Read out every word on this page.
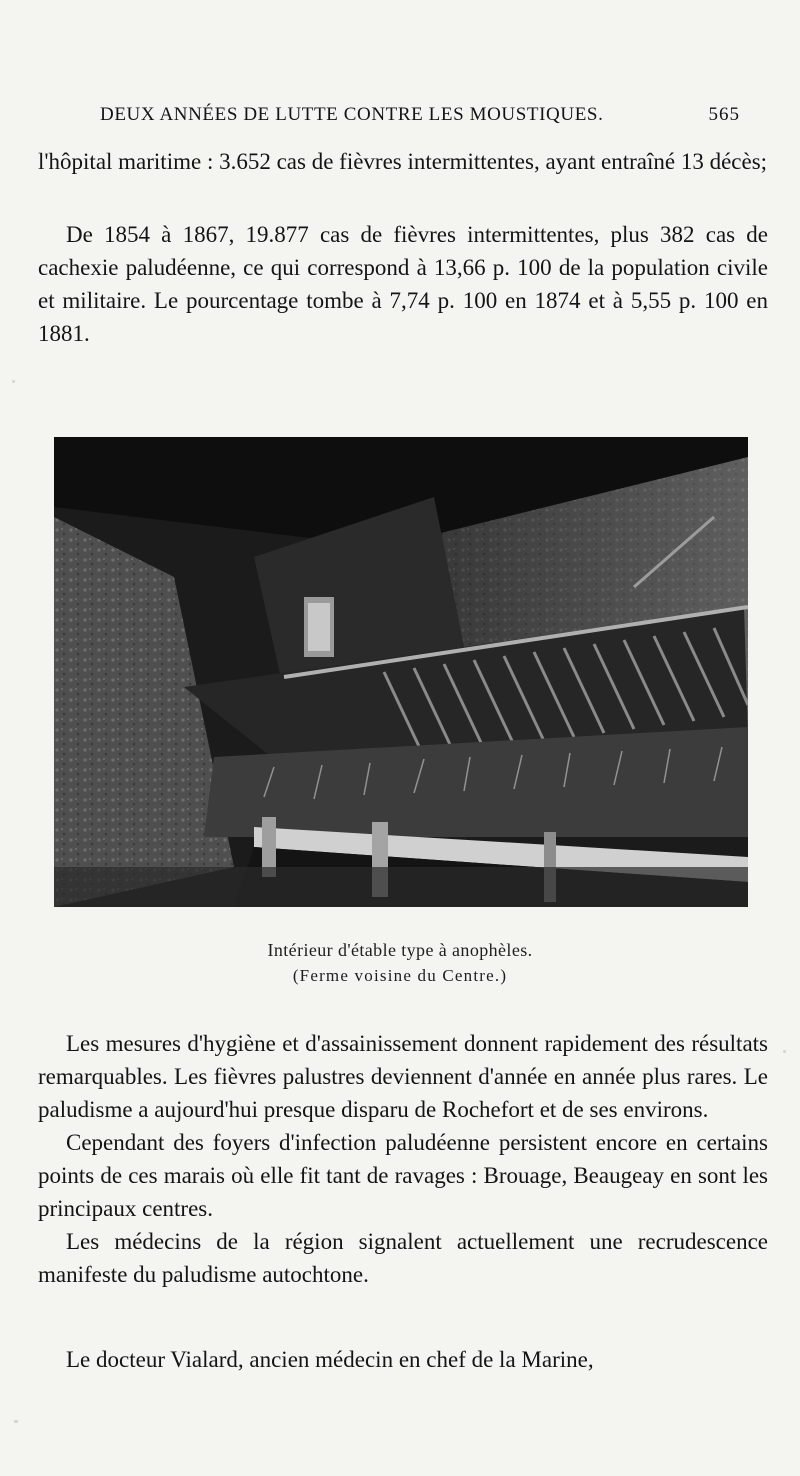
DEUX ANNÉES DE LUTTE CONTRE LES MOUSTIQUES.	565

l'hôpital maritime : 3.652 cas de fièvres intermittentes, ayant entraîné 13 décès;

De 1854 à 1867, 19.877 cas de fièvres intermittentes, plus 382 cas de cachexie paludéenne, ce qui correspond à 13,66 p. 100 de la population civile et militaire. Le pourcentage tombe à 7,74 p. 100 en 1874 et à 5,55 p. 100 en 1881.

Intérieur d'étable type à anophèles.
(Ferme voisine du Centre.)

Les mesures d'hygiène et d'assainissement donnent rapidement des résultats remarquables. Les fièvres palustres deviennent d'année en année plus rares. Le paludisme a aujourd'hui presque disparu de Rochefort et de ses environs.

Cependant des foyers d'infection paludéenne persistent encore en certains points de ces marais où elle fit tant de ravages : Brouage, Beaugeay en sont les principaux centres.

Les médecins de la région signalent actuellement une recrudescence manifeste du paludisme autochtone.

Le docteur Vialard, ancien médecin en chef de la Marine,
